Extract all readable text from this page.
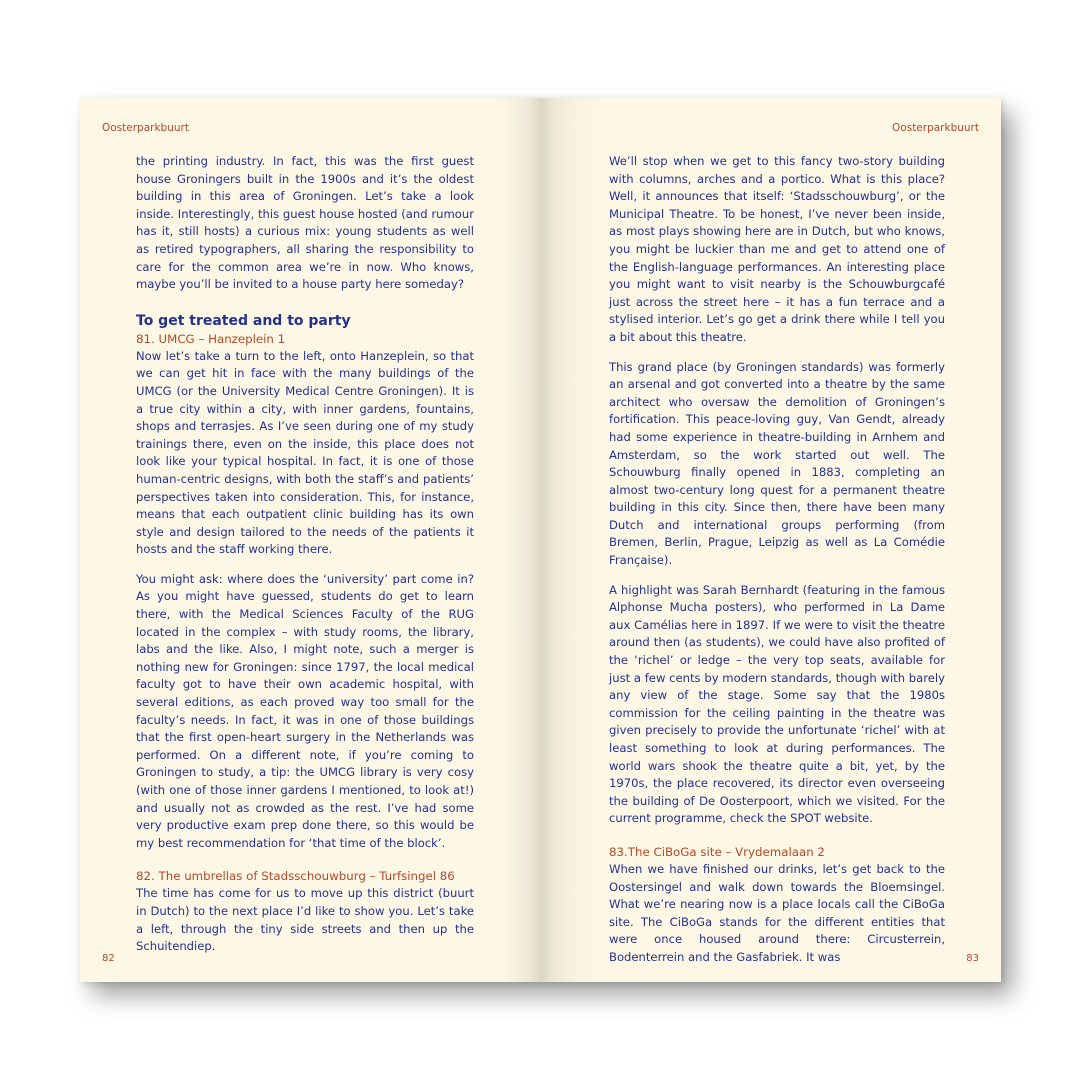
Oosterparkbuurt

the printing industry. In fact, this was the first guest house Groningers built in the 1900s and it’s the oldest building in this area of Groningen. Let’s take a look inside. Interestingly, this guest house hosted (and rumour has it, still hosts) a curious mix: young students as well as retired typographers, all sharing the responsibility to care for the common area we’re in now. Who knows, maybe you’ll be invited to a house party here someday?

To get treated and to party
81. UMCG – Hanzeplein 1

Now let’s take a turn to the left, onto Hanzeplein, so that we can get hit in face with the many buildings of the UMCG (or the University Medical Centre Groningen). It is a true city within a city, with inner gardens, fountains, shops and terrasjes. As I’ve seen during one of my study trainings there, even on the inside, this place does not look like your typical hospital. In fact, it is one of those human-centric designs, with both the staff’s and patients’ perspectives taken into consideration. This, for instance, means that each outpatient clinic building has its own style and design tailored to the needs of the patients it hosts and the staff working there.

You might ask: where does the ‘university’ part come in? As you might have guessed, students do get to learn there, with the Medical Sciences Faculty of the RUG located in the complex – with study rooms, the library, labs and the like. Also, I might note, such a merger is nothing new for Groningen: since 1797, the local medical faculty got to have their own academic hospital, with several editions, as each proved way too small for the faculty’s needs. In fact, it was in one of those buildings that the first open-heart surgery in the Netherlands was performed. On a different note, if you’re coming to Groningen to study, a tip: the UMCG library is very cosy (with one of those inner gardens I mentioned, to look at!) and usually not as crowded as the rest. I’ve had some very productive exam prep done there, so this would be my best recommendation for ‘that time of the block’.

82. The umbrellas of Stadsschouwburg – Turfsingel 86

The time has come for us to move up this district (buurt in Dutch) to the next place I’d like to show you. Let’s take a left, through the tiny side streets and then up the Schuitendiep.

82
Oosterparkbuurt

We’ll stop when we get to this fancy two-story building with columns, arches and a portico. What is this place? Well, it announces that itself: ‘Stadsschouwburg’, or the Municipal Theatre. To be honest, I’ve never been inside, as most plays showing here are in Dutch, but who knows, you might be luckier than me and get to attend one of the English-language performances. An interesting place you might want to visit nearby is the Schouwburgcafé just across the street here – it has a fun terrace and a stylised interior. Let’s go get a drink there while I tell you a bit about this theatre.

This grand place (by Groningen standards) was formerly an arsenal and got converted into a theatre by the same architect who oversaw the demolition of Groningen’s fortification. This peace-loving guy, Van Gendt, already had some experience in theatre-building in Arnhem and Amsterdam, so the work started out well. The Schouwburg finally opened in 1883, completing an almost two-century long quest for a permanent theatre building in this city. Since then, there have been many Dutch and international groups performing (from Bremen, Berlin, Prague, Leipzig as well as La Comédie Française).

A highlight was Sarah Bernhardt (featuring in the famous Alphonse Mucha posters), who performed in La Dame aux Camélias here in 1897. If we were to visit the theatre around then (as students), we could have also profited of the ‘richel’ or ledge – the very top seats, available for just a few cents by modern standards, though with barely any view of the stage. Some say that the 1980s commission for the ceiling painting in the theatre was given precisely to provide the unfortunate ‘richel’ with at least something to look at during performances. The world wars shook the theatre quite a bit, yet, by the 1970s, the place recovered, its director even overseeing the building of De Oosterpoort, which we visited. For the current programme, check the SPOT website.

83.The CiBoGa site – Vrydemalaan 2

When we have finished our drinks, let’s get back to the Oostersingel and walk down towards the Bloemsingel. What we’re nearing now is a place locals call the CiBoGa site. The CiBoGa stands for the different entities that were once housed around there: Circusterrein, Bodenterrein and the Gasfabriek. It was	83
